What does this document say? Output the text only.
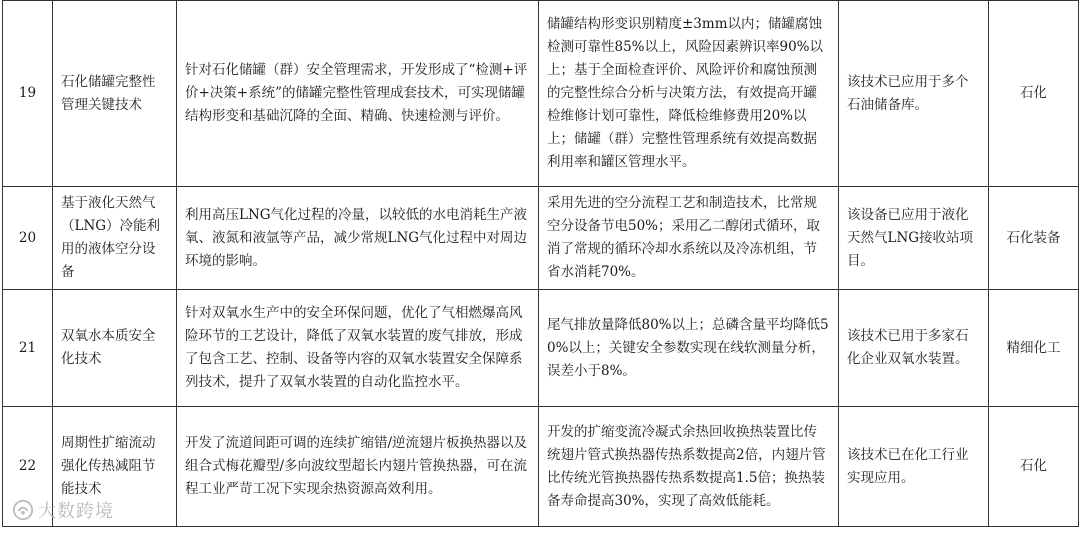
19	石化储罐完整性管理关键技术	针对石化储罐（群）安全管理需求，开发形成了“检测+评价+决策+系统”的储罐完整性管理成套技术，可实现储罐结构形变和基础沉降的全面、精确、快速检测与评价。	储罐结构形变识别精度±3mm以内；储罐腐蚀检测可靠性85%以上，风险因素辨识率90%以上；基于全面检查评价、风险评价和腐蚀预测的完整性综合分析与决策方法，有效提高开罐检维修计划可靠性，降低检维修费用20%以上；储罐（群）完整性管理系统有效提高数据利用率和罐区管理水平。	该技术已应用于多个石油储备库。	石化
20	基于液化天然气（LNG）冷能利用的液体空分设备	利用高压LNG气化过程的冷量，以较低的水电消耗生产液氧、液氮和液氩等产品，减少常规LNG气化过程中对周边环境的影响。	采用先进的空分流程工艺和制造技术，比常规空分设备节电50%；采用乙二醇闭式循环，取消了常规的循环冷却水系统以及冷冻机组，节省水消耗70%。	该设备已应用于液化天然气LNG接收站项目。	石化装备
21	双氧水本质安全化技术	针对双氧水生产中的安全环保问题，优化了气相燃爆高风险环节的工艺设计，降低了双氧水装置的废气排放，形成了包含工艺、控制、设备等内容的双氧水装置安全保障系列技术，提升了双氧水装置的自动化监控水平。	尾气排放量降低80%以上；总磷含量平均降低50%以上；关键安全参数实现在线软测量分析，误差小于8%。	该技术已用于多家石化企业双氧水装置。	精细化工
22	周期性扩缩流动强化传热减阻节能技术	开发了流道间距可调的连续扩缩错/逆流翅片板换热器以及组合式梅花瓣型/多向波纹型超长内翅片管换热器，可在流程工业严苛工况下实现余热资源高效利用。	开发的扩缩变流冷凝式余热回收换热装置比传统翅片管式换热器传热系数提高2倍，内翅片管比传统光管换热器传热系数提高1.5倍；换热装备寿命提高30%，实现了高效低能耗。	该技术已在化工行业实现应用。	石化
大数跨境
